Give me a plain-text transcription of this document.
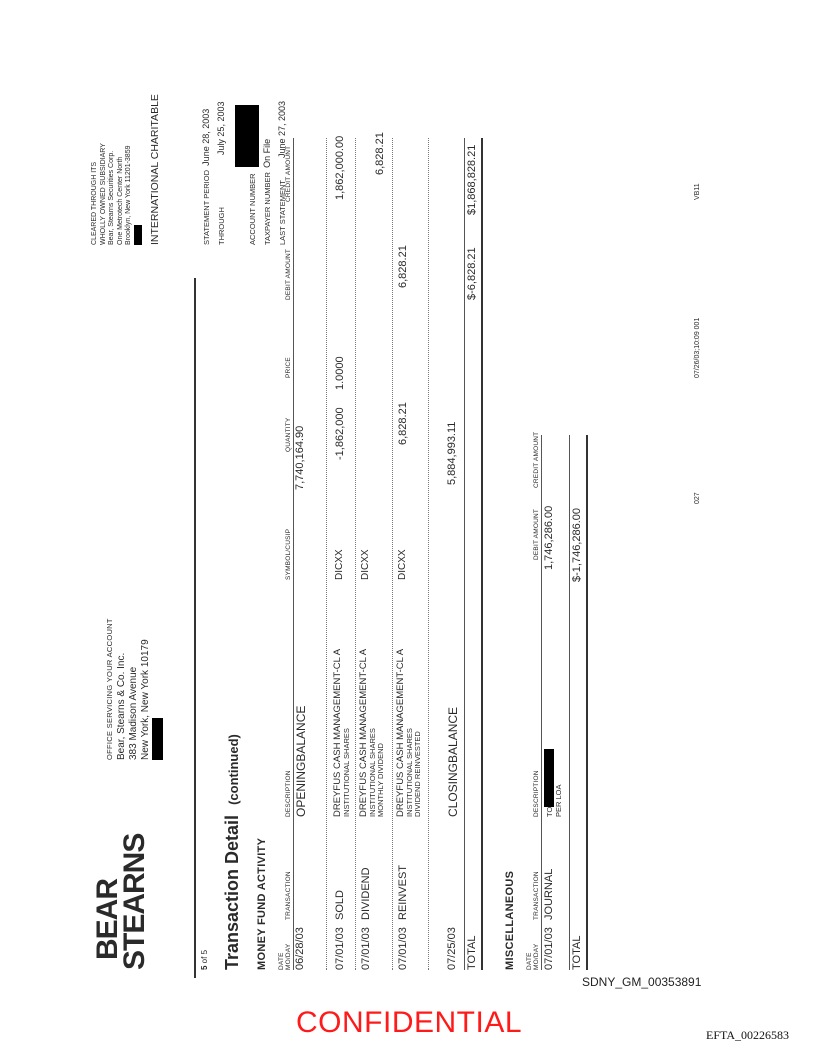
BEAR
STEARNS
OFFICE SERVICING YOUR ACCOUNT Bear, Stearns & Co. Inc. 383 Madison Avenue New York, New York 10179
CLEARED THROUGH ITS WHOLLY OWNED SUBSIDIARY Bear, Stearns Securities Corp. One Metrotech Center North Brooklyn, New York 11201-3859 INTERNATIONAL CHARITABLE	STATEMENT PERIOD  June 28, 2003
THROUGHJuly 25, 2003
ACCOUNT NUMBER TAXPAYER NUMBER  On File
LAST STATEMENTJune 27, 2003
5 of 5 Transaction Detail  (continued)
MONEY FUND ACTIVITY DATE MO/DAY
TRANSACTION
DESCRIPTION
SYMBOL/CUSIP
QUANTITY
PRICE
DEBIT AMOUNT
CREDIT AMOUNT
06/28/03
OPENINGBALANCE
7,740,164.90
07/01/03
SOLD
DREYFUS CASH MANAGEMENT-CL A
INSTITUTIONAL SHARES
DICXX
-1,862,000
1.0000
1,862,000.00
07/01/03
DIVIDEND
DREYFUS CASH MANAGEMENT-CL A
INSTITUTIONAL SHARES MONTHLY DIVIDEND
DICXX
6,828.21
07/01/03
REINVEST
DREYFUS CASH MANAGEMENT-CL A
INSTITUTIONAL SHARES DIVIDEND REINVESTED
DICXX
6,828.21
6,828.21
07/25/03
CLOSINGBALANCE
5,884,993.11
TOTAL
$-6,828.21
$1,868,828.21
MISCELLANEOUS DATE MO/DAY
TRANSACTION
DESCRIPTION
DEBIT AMOUNT
CREDIT AMOUNT
07/01/03
JOURNAL
TO PER LOA
1,746,286.00
TOTAL
$-1,746,286.00
027
07/26/03;10:09 001
VB11
CONFIDENTIAL
SDNY_GM_00353891
EFTA_00226583
